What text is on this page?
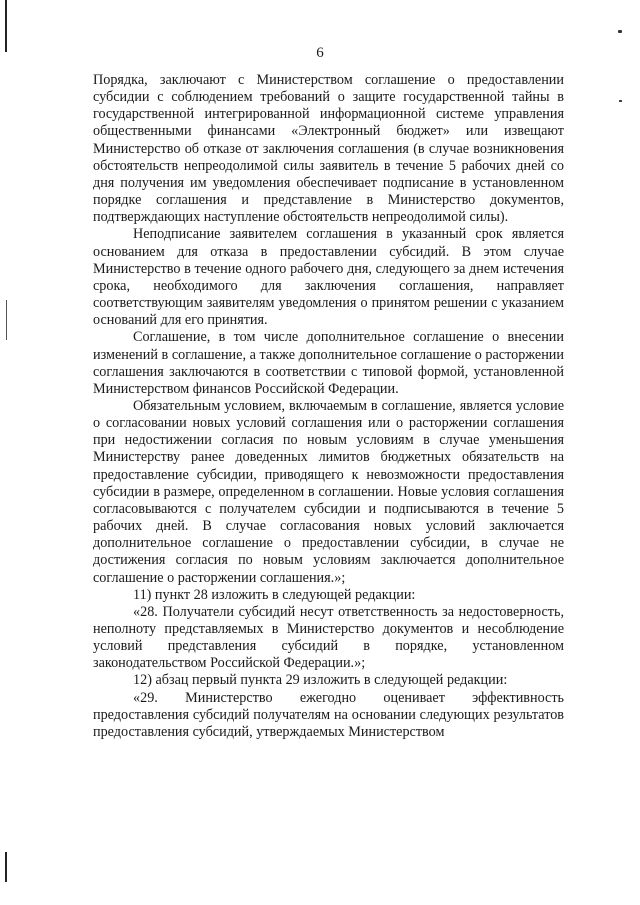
6

Порядка, заключают с Министерством соглашение о предоставлении субсидии с соблюдением требований о защите государственной тайны в государственной интегрированной информационной системе управления общественными финансами «Электронный бюджет» или извещают Министерство об отказе от заключения соглашения (в случае возникновения обстоятельств непреодолимой силы заявитель в течение 5 рабочих дней со дня получения им уведомления обеспечивает подписание в установленном порядке соглашения и представление в Министерство документов, подтверждающих наступление обстоятельств непреодолимой силы).

Неподписание заявителем соглашения в указанный срок является основанием для отказа в предоставлении субсидий. В этом случае Министерство в течение одного рабочего дня, следующего за днем истечения срока, необходимого для заключения соглашения, направляет соответствующим заявителям уведомления о принятом решении с указанием оснований для его принятия.

Соглашение, в том числе дополнительное соглашение о внесении изменений в соглашение, а также дополнительное соглашение о расторжении соглашения заключаются в соответствии с типовой формой, установленной Министерством финансов Российской Федерации.

Обязательным условием, включаемым в соглашение, является условие о согласовании новых условий соглашения или о расторжении соглашения при недостижении согласия по новым условиям в случае уменьшения Министерству ранее доведенных лимитов бюджетных обязательств на предоставление субсидии, приводящего к невозможности предоставления субсидии в размере, определенном в соглашении. Новые условия соглашения согласовываются с получателем субсидии и подписываются в течение 5 рабочих дней. В случае согласования новых условий заключается дополнительное соглашение о предоставлении субсидии, в случае не достижения согласия по новым условиям заключается дополнительное соглашение о расторжении соглашения.»;

11) пункт 28 изложить в следующей редакции:

«28. Получатели субсидий несут ответственность за недостоверность, неполноту представляемых в Министерство документов и несоблюдение условий представления субсидий в порядке, установленном законодательством Российской Федерации.»;

12) абзац первый пункта 29 изложить в следующей редакции:

«29. Министерство ежегодно оценивает эффективность предоставления субсидий получателям на основании следующих результатов предоставления субсидий, утверждаемых Министерством
